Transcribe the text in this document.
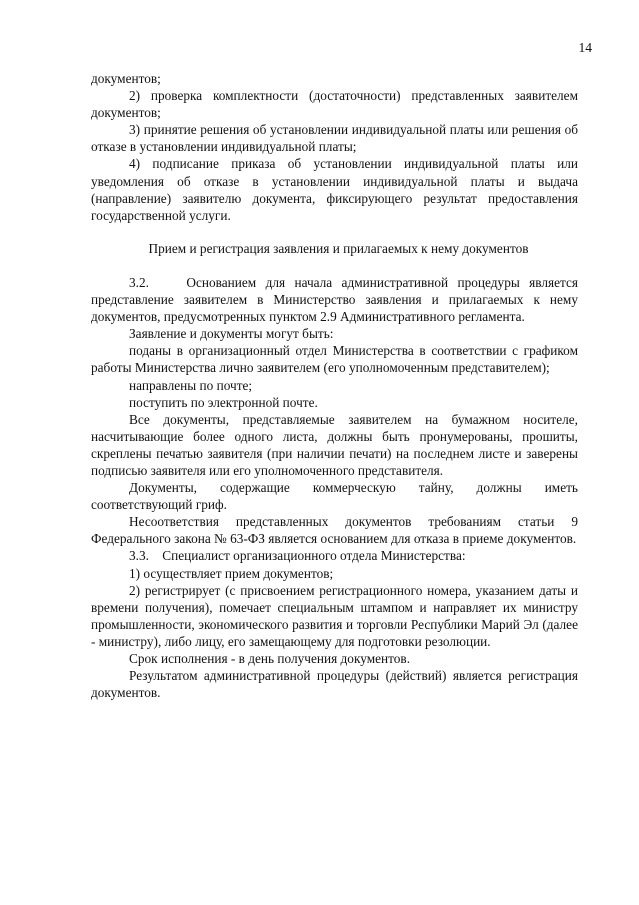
14

документов;

2) проверка комплектности (достаточности) представленных заявителем документов;

3) принятие решения об установлении индивидуальной платы или решения об отказе в установлении индивидуальной платы;

4) подписание приказа об установлении индивидуальной платы или уведомления об отказе в установлении индивидуальной платы и выдача (направление) заявителю документа, фиксирующего результат предоставления государственной услуги.

Прием и регистрация заявления и прилагаемых к нему документов

3.2.    Основанием для начала административной процедуры является представление заявителем в Министерство заявления и прилагаемых к нему документов, предусмотренных пунктом 2.9 Административного регламента.

Заявление и документы могут быть:

поданы в организационный отдел Министерства в соответствии с графиком работы Министерства лично заявителем (его уполномоченным представителем);

направлены по почте;

поступить по электронной почте.

Все документы, представляемые заявителем на бумажном носителе, насчитывающие более одного листа, должны быть пронумерованы, прошиты, скреплены печатью заявителя (при наличии печати) на последнем листе и заверены подписью заявителя или его уполномоченного представителя.

Документы, содержащие коммерческую тайну, должны иметь соответствующий гриф.

Несоответствия представленных документов требованиям статьи 9 Федерального закона № 63-ФЗ является основанием для отказа в приеме документов.

3.3.    Специалист организационного отдела Министерства:

1) осуществляет прием документов;

2) регистрирует (с присвоением регистрационного номера, указанием даты и времени получения), помечает специальным штампом и направляет их министру промышленности, экономического развития и торговли Республики Марий Эл (далее - министру), либо лицу, его замещающему для подготовки резолюции.

Срок исполнения - в день получения документов.

Результатом административной процедуры (действий) является регистрация документов.
